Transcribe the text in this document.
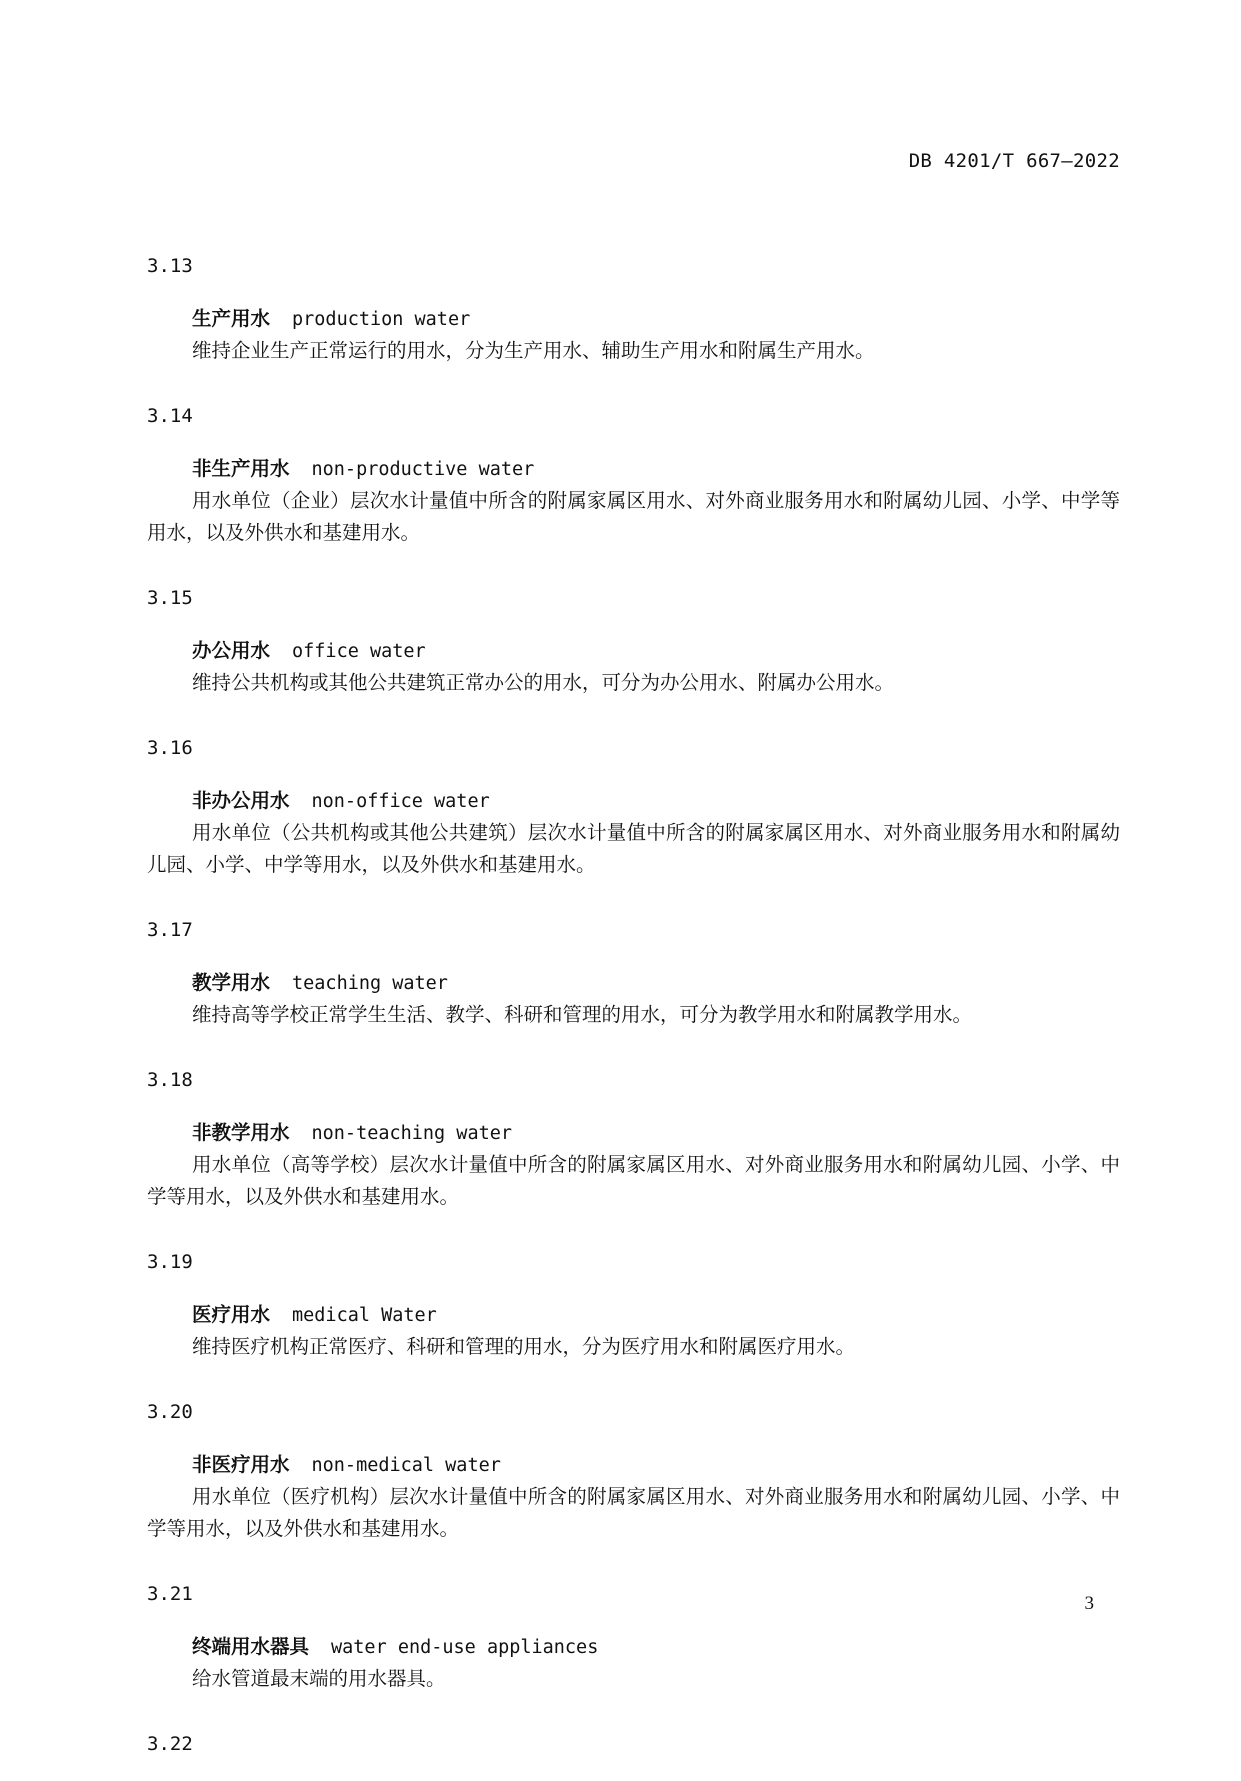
DB 4201/T 667—2022
3.13
生产用水 production water

维持企业生产正常运行的用水，分为生产用水、辅助生产用水和附属生产用水。

3.14
非生产用水 non-productive water

用水单位（企业）层次水计量值中所含的附属家属区用水、对外商业服务用水和附属幼儿园、小学、中学等用水，以及外供水和基建用水。

3.15
办公用水 office water

维持公共机构或其他公共建筑正常办公的用水，可分为办公用水、附属办公用水。

3.16
非办公用水 non-office water

用水单位（公共机构或其他公共建筑）层次水计量值中所含的附属家属区用水、对外商业服务用水和附属幼儿园、小学、中学等用水，以及外供水和基建用水。

3.17
教学用水 teaching water

维持高等学校正常学生生活、教学、科研和管理的用水，可分为教学用水和附属教学用水。

3.18
非教学用水 non-teaching water

用水单位（高等学校）层次水计量值中所含的附属家属区用水、对外商业服务用水和附属幼儿园、小学、中学等用水，以及外供水和基建用水。

3.19
医疗用水 medical Water

维持医疗机构正常医疗、科研和管理的用水，分为医疗用水和附属医疗用水。

3.20
非医疗用水 non-medical water

用水单位（医疗机构）层次水计量值中所含的附属家属区用水、对外商业服务用水和附属幼儿园、小学、中学等用水，以及外供水和基建用水。

3.21
终端用水器具 water end-use appliances

给水管道最末端的用水器具。

3.22
3
